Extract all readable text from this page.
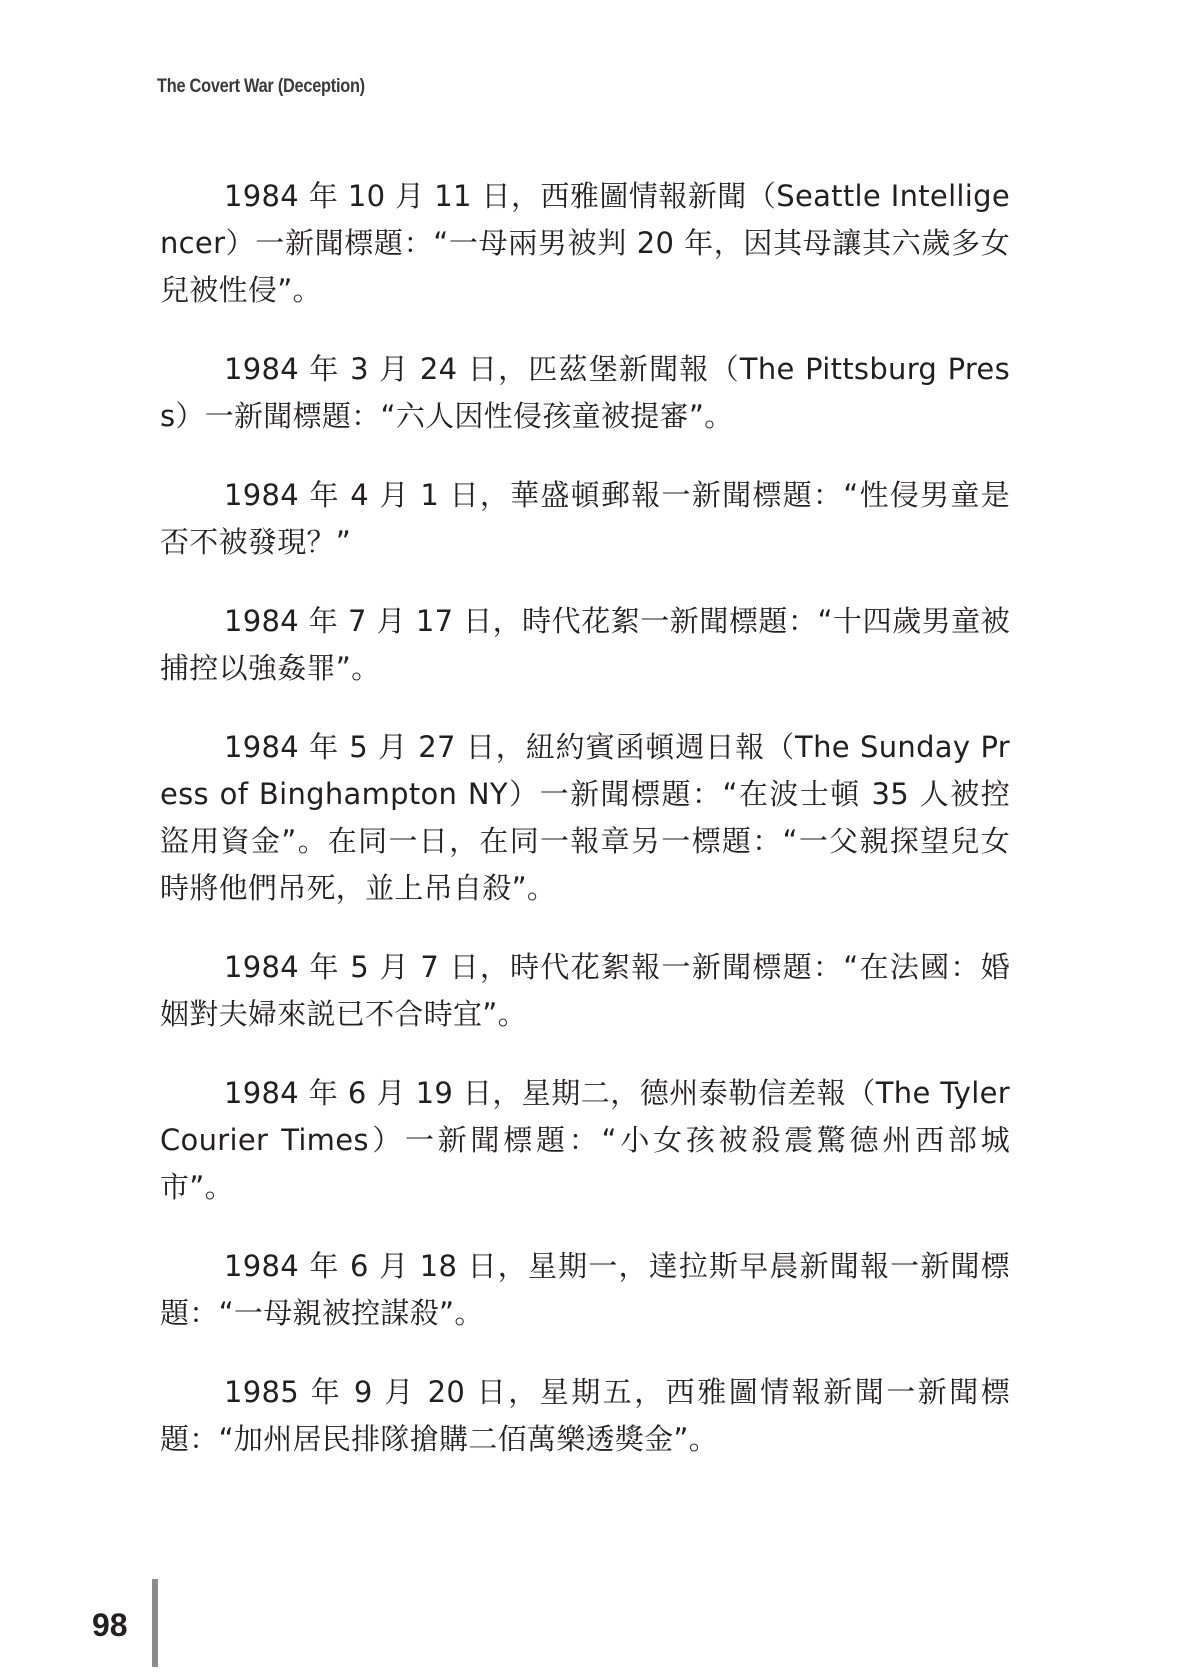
The Covert War (Deception)

1984 年 10 月 11 日，西雅圖情報新聞（Seattle Intelligencer）一新聞標題：“一母兩男被判 20 年，因其母讓其六歲多女兒被性侵”。

1984 年 3 月 24 日，匹茲堡新聞報（The Pittsburg Press）一新聞標題：“六人因性侵孩童被提審”。

1984 年 4 月 1 日，華盛頓郵報一新聞標題：“性侵男童是否不被發現？”

1984 年 7 月 17 日，時代花絮一新聞標題：“十四歲男童被捕控以強姦罪”。

1984 年 5 月 27 日，紐約賓函頓週日報（The Sunday Press of Binghampton NY）一新聞標題：“在波士頓 35 人被控盜用資金”。在同一日，在同一報章另一標題：“一父親探望兒女時將他們吊死，並上吊自殺”。

1984 年 5 月 7 日，時代花絮報一新聞標題：“在法國：婚姻對夫婦來説已不合時宜”。

1984 年 6 月 19 日，星期二，德州泰勒信差報（The Tyler Courier Times）一新聞標題：“小女孩被殺震驚德州西部城市”。

1984 年 6 月 18 日，星期一，達拉斯早晨新聞報一新聞標題：“一母親被控謀殺”。

1985 年 9 月 20 日，星期五，西雅圖情報新聞一新聞標題：“加州居民排隊搶購二佰萬樂透獎金”。

98
